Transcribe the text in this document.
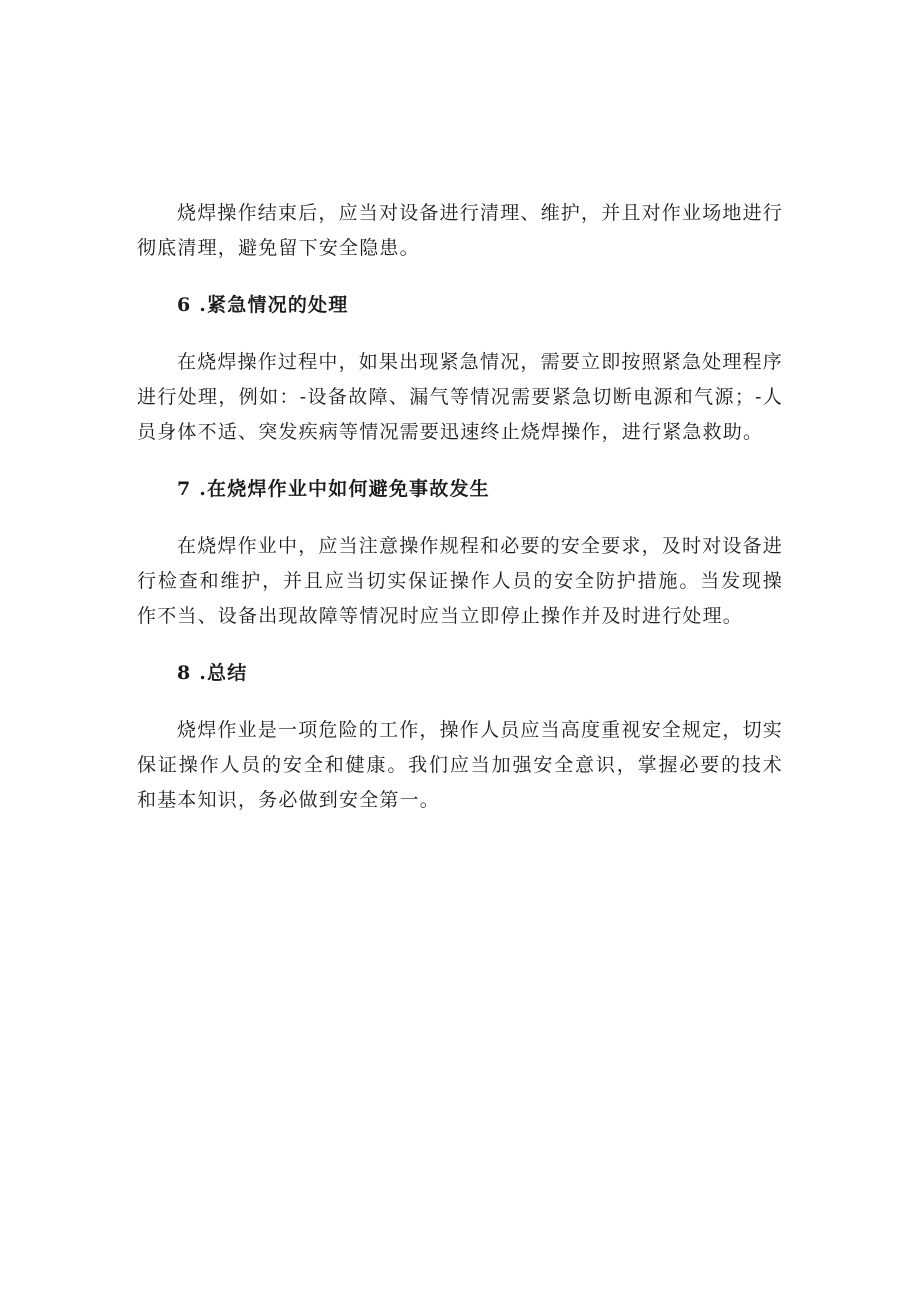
烧焊操作结束后，应当对设备进行清理、维护，并且对作业场地进行彻底清理，避免留下安全隐患。

6 .紧急情况的处理

在烧焊操作过程中，如果出现紧急情况，需要立即按照紧急处理程序进行处理，例如：-设备故障、漏气等情况需要紧急切断电源和气源；-人员身体不适、突发疾病等情况需要迅速终止烧焊操作，进行紧急救助。

7 .在烧焊作业中如何避免事故发生

在烧焊作业中，应当注意操作规程和必要的安全要求，及时对设备进行检查和维护，并且应当切实保证操作人员的安全防护措施。当发现操作不当、设备出现故障等情况时应当立即停止操作并及时进行处理。

8 .总结

烧焊作业是一项危险的工作，操作人员应当高度重视安全规定，切实保证操作人员的安全和健康。我们应当加强安全意识，掌握必要的技术和基本知识，务必做到安全第一。
